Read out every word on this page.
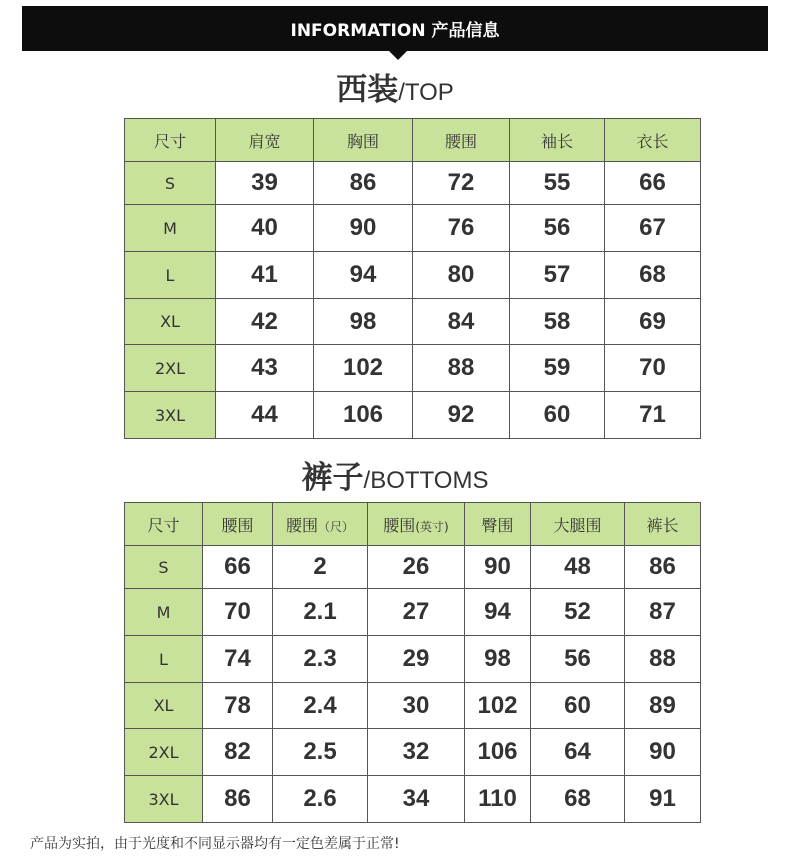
INFORMATION 产品信息
西装/TOP
尺寸	肩宽	胸围	腰围	袖长	衣长
S	39	86	72	55	66
M	40	90	76	56	67
L	41	94	80	57	68
XL	42	98	84	58	69
2XL	43	102	88	59	70
3XL	44	106	92	60	71
裤子/BOTTOMS
尺寸	腰围	腰围（尺）	腰围(英寸)	臀围	大腿围	裤长
S	66	2	26	90	48	86
M	70	2.1	27	94	52	87
L	74	2.3	29	98	56	88
XL	78	2.4	30	102	60	89
2XL	82	2.5	32	106	64	90
3XL	86	2.6	34	110	68	91
产品为实拍，由于光度和不同显示器均有一定色差属于正常!
